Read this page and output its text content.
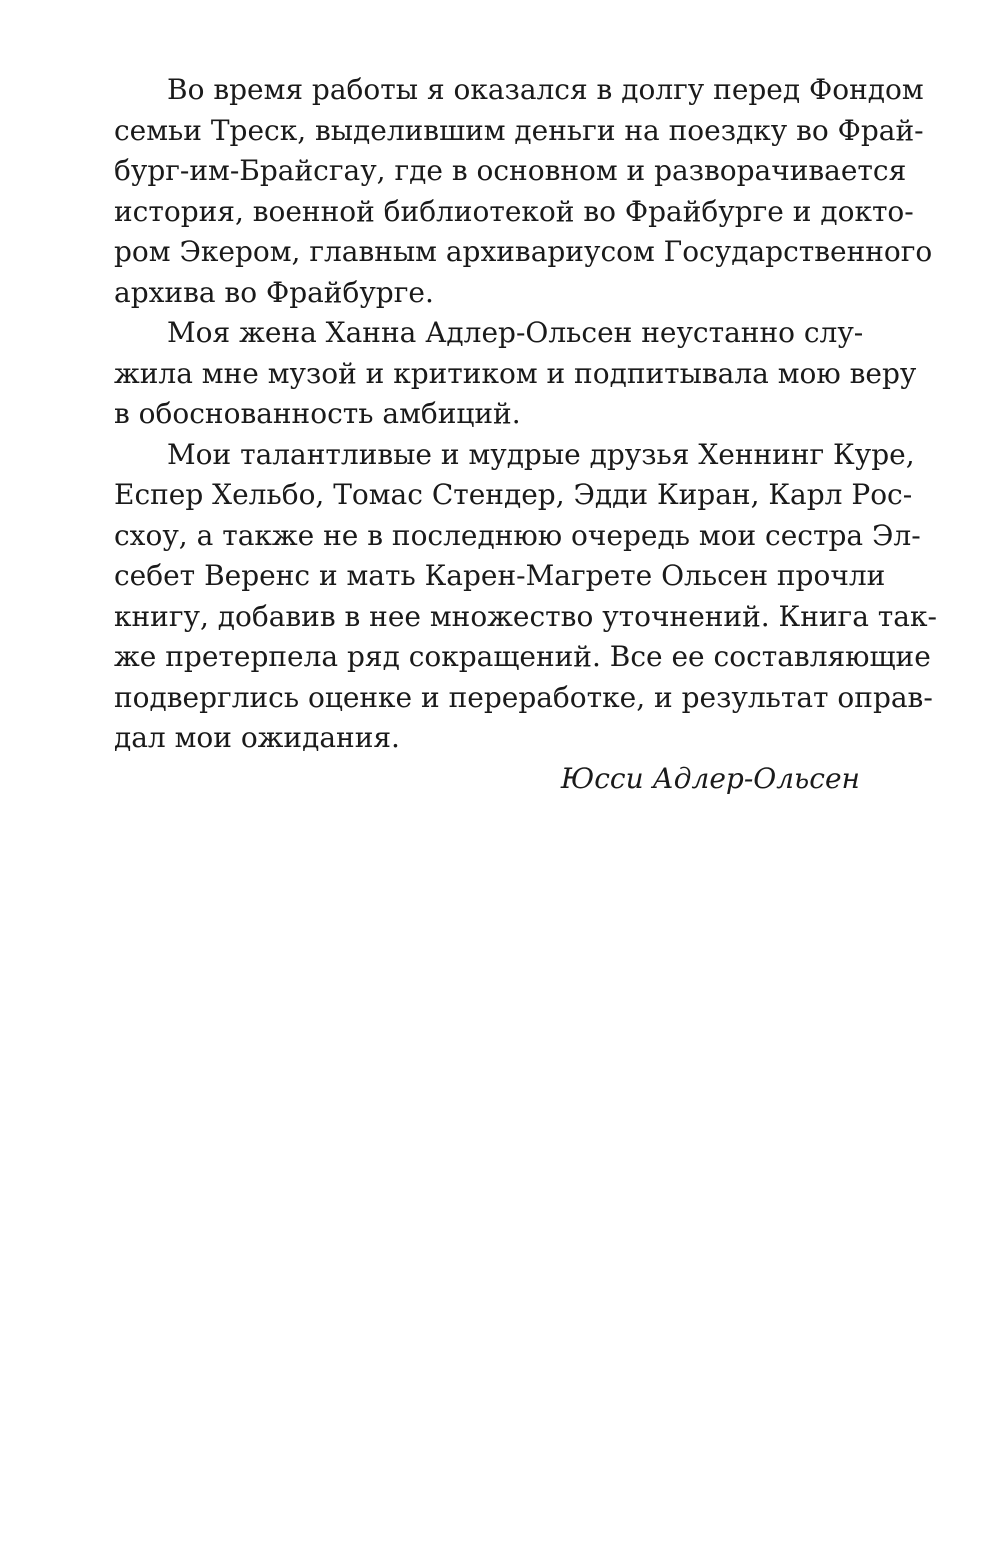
Во время работы я оказался в долгу перед Фондом
семьи Треск, выделившим деньги на поездку во Фрай-
бург-им-Брайсгау, где в основном и разворачивается
история, военной библиотекой во Фрайбурге и докто-
ром Экером, главным архивариусом Государственного
архива во Фрайбурге.
Моя жена Ханна Адлер-Ольсен неустанно слу-
жила мне музой и критиком и подпитывала мою веру
в обоснованность амбиций.
Мои талантливые и мудрые друзья Хеннинг Куре,
Еспер Хельбо, Томас Стендер, Эдди Киран, Карл Рос-
схоу, а также не в последнюю очередь мои сестра Эл-
себет Веренс и мать Карен-Магрете Ольсен прочли
книгу, добавив в нее множество уточнений. Книга так-
же претерпела ряд сокращений. Все ее составляющие
подверглись оценке и переработке, и результат оправ-
дал мои ожидания.
Юсси Адлер-Ольсен
